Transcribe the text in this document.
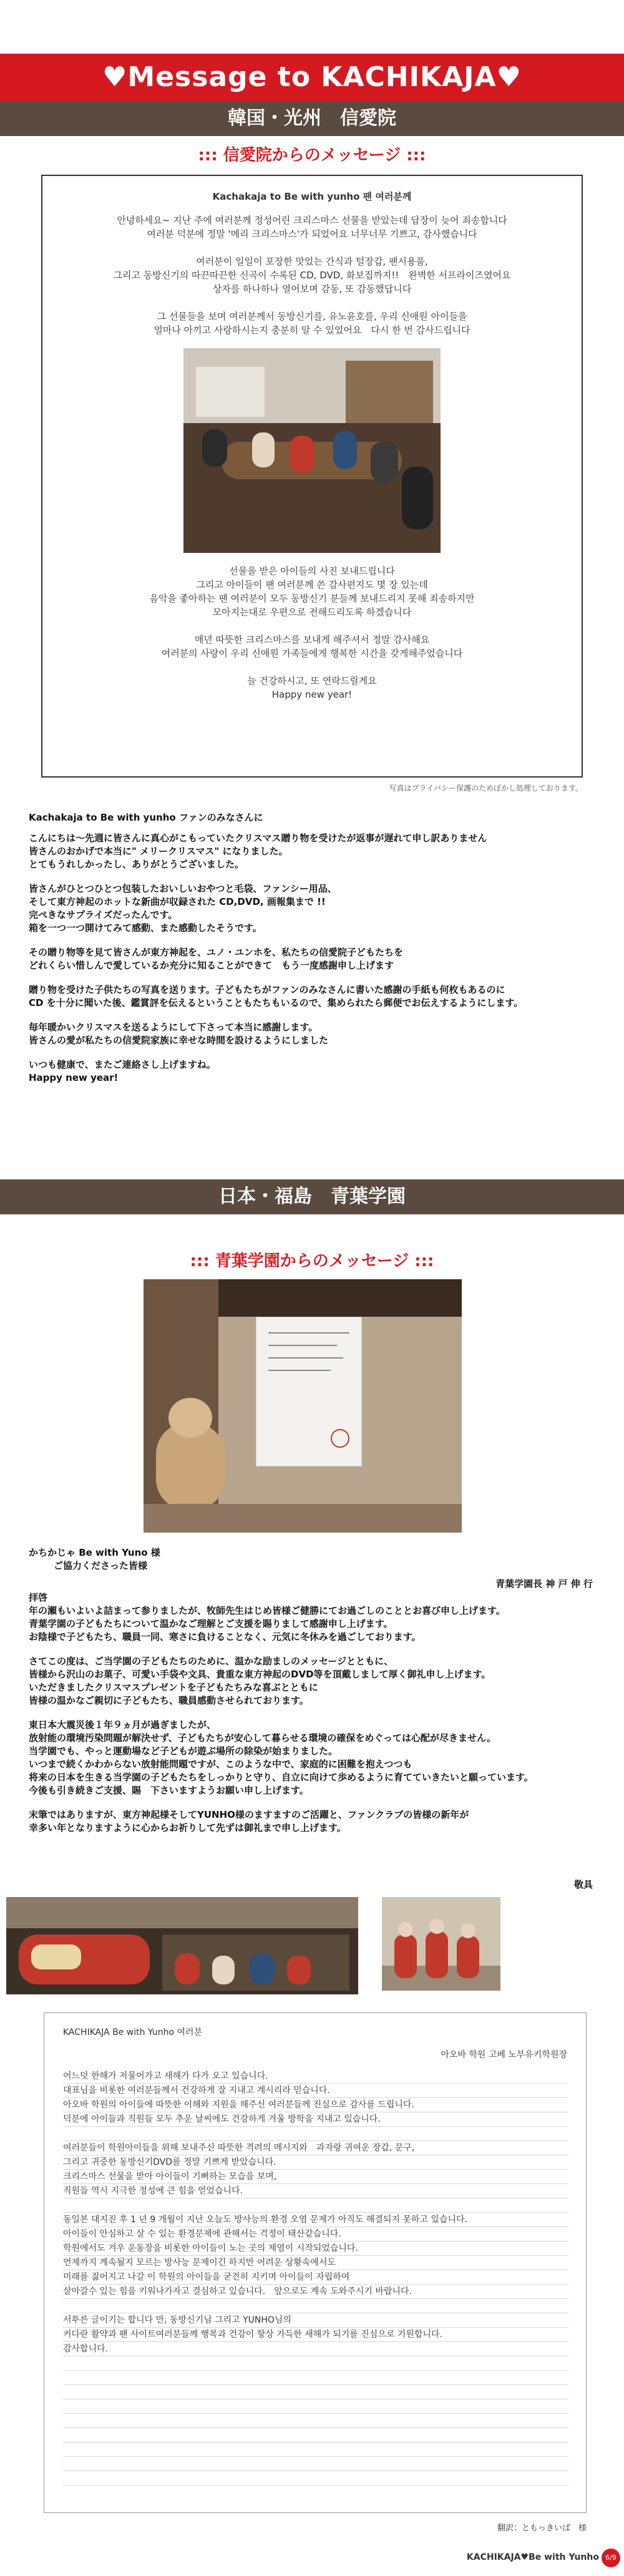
♥Message to KACHIKAJA♥
韓国・光州　信愛院
::: 信愛院からのメッセージ :::
Kachakaja to Be with yunho 팬 여러분께
안녕하세요~ 지난 주에 여러분께 정성어린 크리스마스 선물을 받았는데 답장이 늦어 죄송합니다
여러분 덕분에 정말 '메리 크리스마스'가 되었어요 너무너무 기쁘고, 감사했습니다
여러분이 일일이 포장한 맛있는 간식과 털장갑, 팬시용품,
그리고 동방신기의 따끈따끈한 신곡이 수록된 CD, DVD, 화보집까지!!　완벽한 서프라이즈였어요
상자를 하나하나 열어보며 감동, 또 감동했답니다
그 선물들을 보며 여러분께서 동방신기를, 유노윤호를, 우리 신애원 아이들을
얼마나 아끼고 사랑하시는지 충분히 알 수 있었어요　다시 한 번 감사드립니다
선물을 받은 아이들의 사진 보내드립니다
그리고 아이들이 팬 여러분께 쓴 감사편지도 몇 장 있는데
음악을 좋아하는 팬 여러분이 모두 동방신기 분들께 보내드리지 못해 죄송하지만
모아지는대로 우편으로 전해드리도록 하겠습니다
매년 따뜻한 크리스마스를 보내게 해주셔서 정말 감사해요
여러분의 사랑이 우리 신애원 가족들에게 행복한 시간을 갖게해주었습니다
늘 건강하시고, 또 연락드릴게요
Happy new year!
写真はプライバシー保護のためぼかし処理しております。
Kachakaja to Be with yunho ファンのみなさんに
こんにちは～先週に皆さんに真心がこもっていたクリスマス贈り物を受けたが返事が遅れて申し訳ありません
皆さんのおかげで本当に" メリークリスマス" になりました。
とてもうれしかったし、ありがとうございました。
皆さんがひとつひとつ包装したおいしいおやつと毛袋、ファンシー用品、
そして東方神起のホットな新曲が収録された CD,DVD, 画報集まで !!
完ぺきなサプライズだったんです。
箱を一つ一つ開けてみて感動、また感動したそうです。
その贈り物等を見て皆さんが東方神起を、ユノ・ユンホを、私たちの信愛院子どもたちを
どれくらい惜しんで愛しているか充分に知ることができて　もう一度感謝申し上げます
贈り物を受けた子供たちの写真を送ります。子どもたちがファンのみなさんに書いた感謝の手紙も何枚もあるのに
CD を十分に聞いた後、鑑賞評を伝えるということもたちもいるので、集められたら郵便でお伝えするようにします。
毎年暖かいクリスマスを送るようにして下さって本当に感謝します。
皆さんの愛が私たちの信愛院家族に幸せな時間を設けるようにしました
いつも健康で、またご連絡さし上げますね。
Happy new year!
日本・福島　青葉学園
::: 青葉学園からのメッセージ :::
かちかじゃ Be with Yuno 様
ご協力くださった皆様
青葉学園長 神 戸 伸 行
拝啓
年の瀬もいよいよ詰まって参りましたが、牧師先生はじめ皆様ご健勝にてお過ごしのこととお喜び申し上げます。
青葉学園の子どもたちについて温かなご理解とご支援を賜りまして感謝申し上げます。
お陰様で子どもたち、職員一同、寒さに負けることなく、元気に冬休みを過ごしております。
さてこの度は、ご当学園の子どもたちのために、温かな励ましのメッセージとともに、
皆様から沢山のお菓子、可愛い手袋や文具、貴重な東方神起のDVD等を頂戴しまして厚く御礼申し上げます。
いただきましたクリスマスプレゼントを子どもたちみな喜ぶとともに
皆様の温かなご親切に子どもたち、職員感動させられております。
東日本大震災後１年９ヵ月が過ぎましたが、
放射能の環境汚染問題が解決せず、子どもたちが安心して暮らせる環境の確保をめぐっては心配が尽きません。
当学園でも、やっと運動場など子どもが遊ぶ場所の除染が始まりました。
いつまで続くかわからない放射能問題ですが、このような中で、家庭的に困難を抱えつつも
将来の日本を生きる当学園の子どもたちをしっかりと守り、自立に向けて歩めるように育てていきたいと願っています。
今後も引き続きご支援、賜　下さいますようお願い申し上げます。
末筆ではありますが、東方神起様そしてYUNHO様のますますのご活躍と、ファンクラブの皆様の新年が
幸多い年となりますように心からお祈りして先ずは御礼まで申し上げます。
敬具
KACHIKAJA Be with Yunho 여러분
아오바 학원 고베 노부유키학원장
어느덧 한해가 저물어가고 새해가 다가 오고 있습니다.
대표님을 비롯한 여러분들께서 건강하게 잘 지내고 계시리라 믿습니다.
아오바 학원의 아이들에 따뜻한 이해와 지원을 해주신 여러분들께 진심으로 감사를 드립니다.
덕분에 아이들과 직원들 모두 추운 날씨에도 건강하게 겨울 방학을 지내고 있습니다.
여러분들이 학원아이들을 위해 보내주신 따뜻한 격려의 메시지와　과자랑 귀여운 장갑, 문구,
그리고 귀중한 동방신기DVD를 정말 기쁘게 받았습니다.
크리스마스 선물을 받아 아이들이 기뻐하는 모습을 보며,
직원들 역시 지극한 정성에 큰 힘을 얻었습니다.
동일본 대지진 후 1 년 9 개월이 지난 오늘도 방사능의 환경 오염 문제가 아직도 해결되지 못하고 있습니다.
아이들이 안심하고 살 수 있는 환경문제에 관해서는 걱정이 태산같습니다.
학원에서도 겨우 운동장을 비롯한 아이들이 노는 곳의 제염이 시작되었습니다.
언제까지 계속될지 모르는 방사능 문제이긴 하지만 어려운 상황속에서도
미래를 짊어지고 나갈 이 학원의 아이들을 굳건히 지키며 아이들이 자립하여
살아갈수 있는 힘을 키워나가자고 결심하고 있습니다.　앞으로도 계속 도와주시기 바랍니다.
서투른 글이기는 합니다 만, 동방신기님 그리고 YUNHO님의
커다란 활약과 팬 사이트여러분들께 행복과 건강이 항상 가득한 새해가 되기를 진심으로 기원합니다.
감사합니다.
翻訳：ともっきいば　様
KACHIKAJA♥Be with Yunho 6/9
